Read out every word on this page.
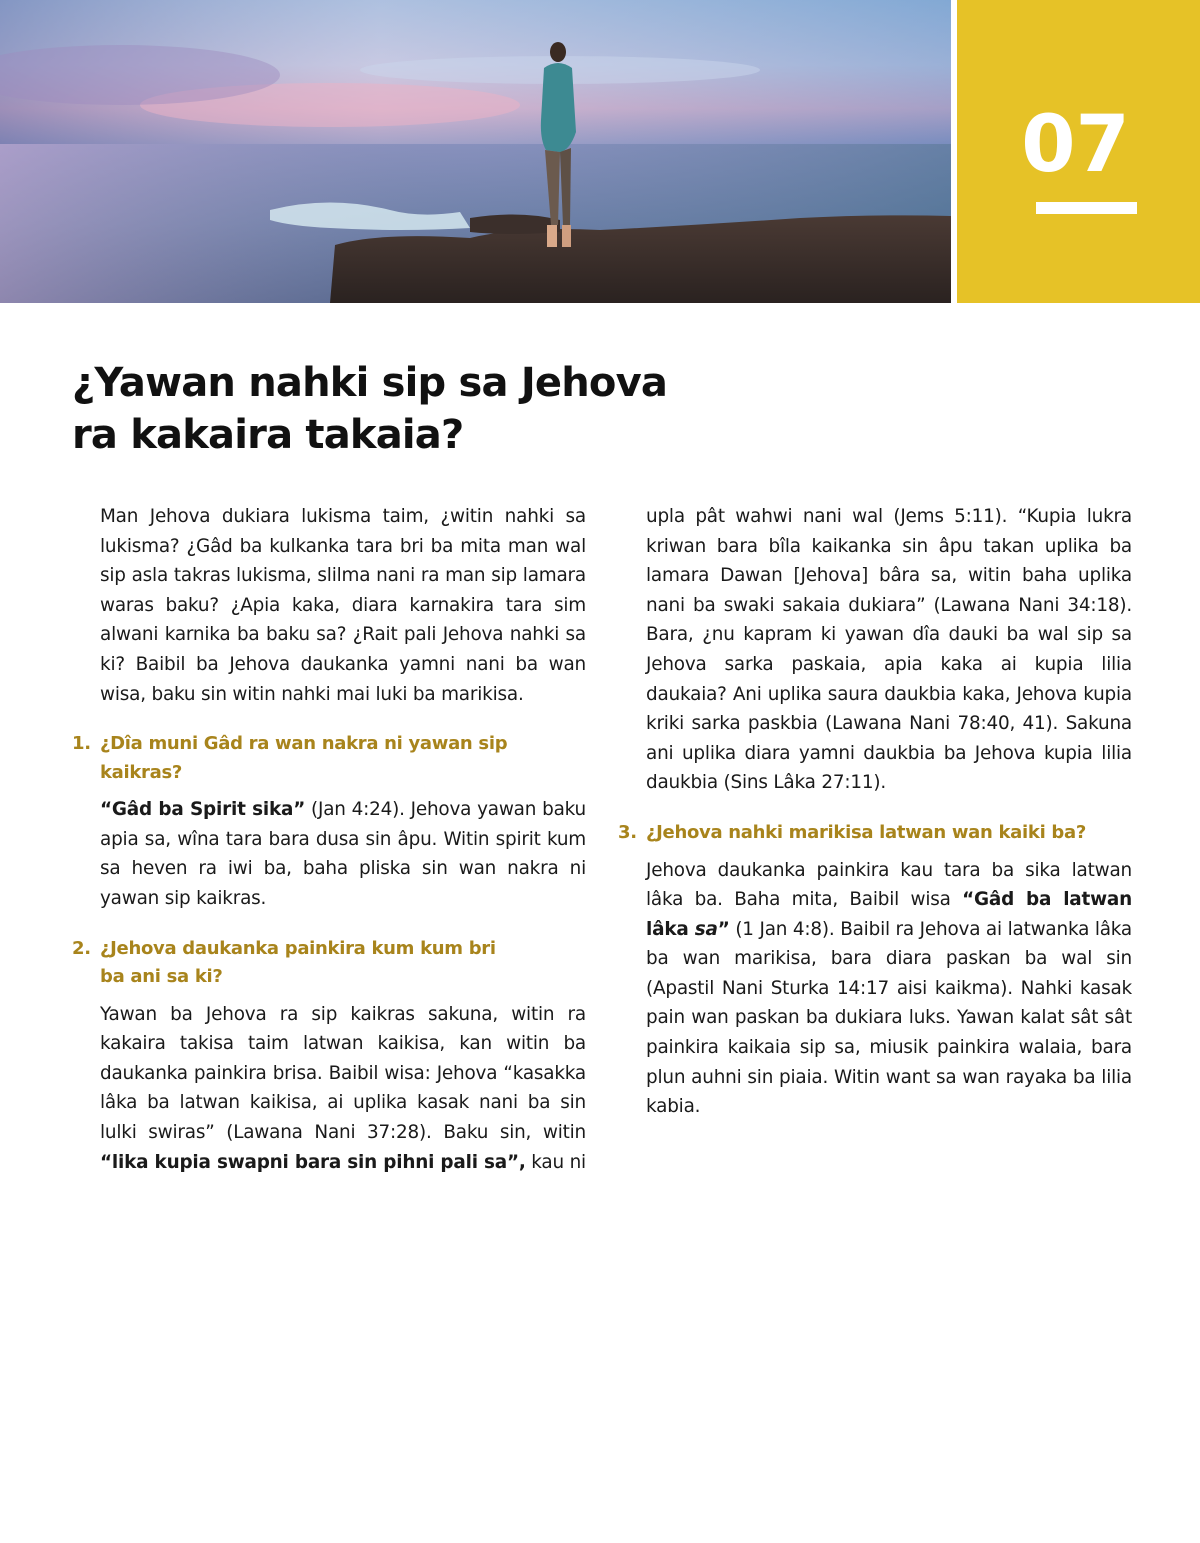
07
¿Yawan nahki sip sa Jehova
ra kakaira takaia?

Man Jehova dukiara lukisma taim, ¿witin nahki sa lukisma? ¿Gâd ba kulkanka tara bri ba mita man wal sip asla takras lukisma, slilma nani ra man sip lamara waras baku? ¿Apia kaka, diara karnakira tara sim alwani karnika ba baku sa? ¿Rait pali Jehova nahki sa ki? Baibil ba Jehova daukanka yamni nani ba wan wisa, baku sin witin nahki mai luki ba marikisa.

1. ¿Dîa muni Gâd ra wan nakra ni yawan sip kaikras?

“Gâd ba Spirit sika” (Jan 4:24). Jehova yawan baku apia sa, wîna tara bara dusa sin âpu. Witin spirit kum sa heven ra iwi ba, baha pliska sin wan nakra ni yawan sip kaikras.

2. ¿Jehova daukanka painkira kum kum bri ba ani sa ki?

Yawan ba Jehova ra sip kaikras sakuna, witin ra kakaira takisa taim latwan kaikisa, kan witin ba daukanka painkira brisa. Baibil wisa: Jehova “kasakka lâka ba latwan kaikisa, ai uplika kasak nani ba sin lulki swiras” (Lawana Nani 37:28). Baku sin, witin “lika kupia swapni bara sin pihni pali sa”, kau ni

3. ¿Jehova nahki marikisa latwan wan kaiki ba?

Jehova daukanka painkira kau tara ba sika latwan lâka ba. Baha mita, Baibil wisa “Gâd ba latwan lâka sa” (1 Jan 4:8). Baibil ra Jehova ai latwanka lâka ba wan marikisa, bara diara paskan ba wal sin (Apastil Nani Sturka 14:17 aisi kaikma). Nahki kasak pain wan paskan ba dukiara luks. Yawan kalat sât sât painkira kaikaia sip sa, miusik painkira walaia, bara plun auhni sin piaia. Witin want sa wan rayaka ba lilia kabia.

upla pât wahwi nani wal (Jems 5:11). “Kupia lukra kriwan bara bîla kaikanka sin âpu takan uplika ba lamara Dawan [Jehova] bâra sa, witin baha uplika nani ba swaki sakaia dukiara” (Lawana Nani 34:18). Bara, ¿nu kapram ki yawan dîa dauki ba wal sip sa Jehova sarka paskaia, apia kaka ai kupia lilia daukaia? Ani uplika saura daukbia kaka, Jehova kupia kriki sarka paskbia (Lawana Nani 78:40, 41). Sakuna ani uplika diara yamni daukbia ba Jehova kupia lilia daukbia (Sins Lâka 27:11).
